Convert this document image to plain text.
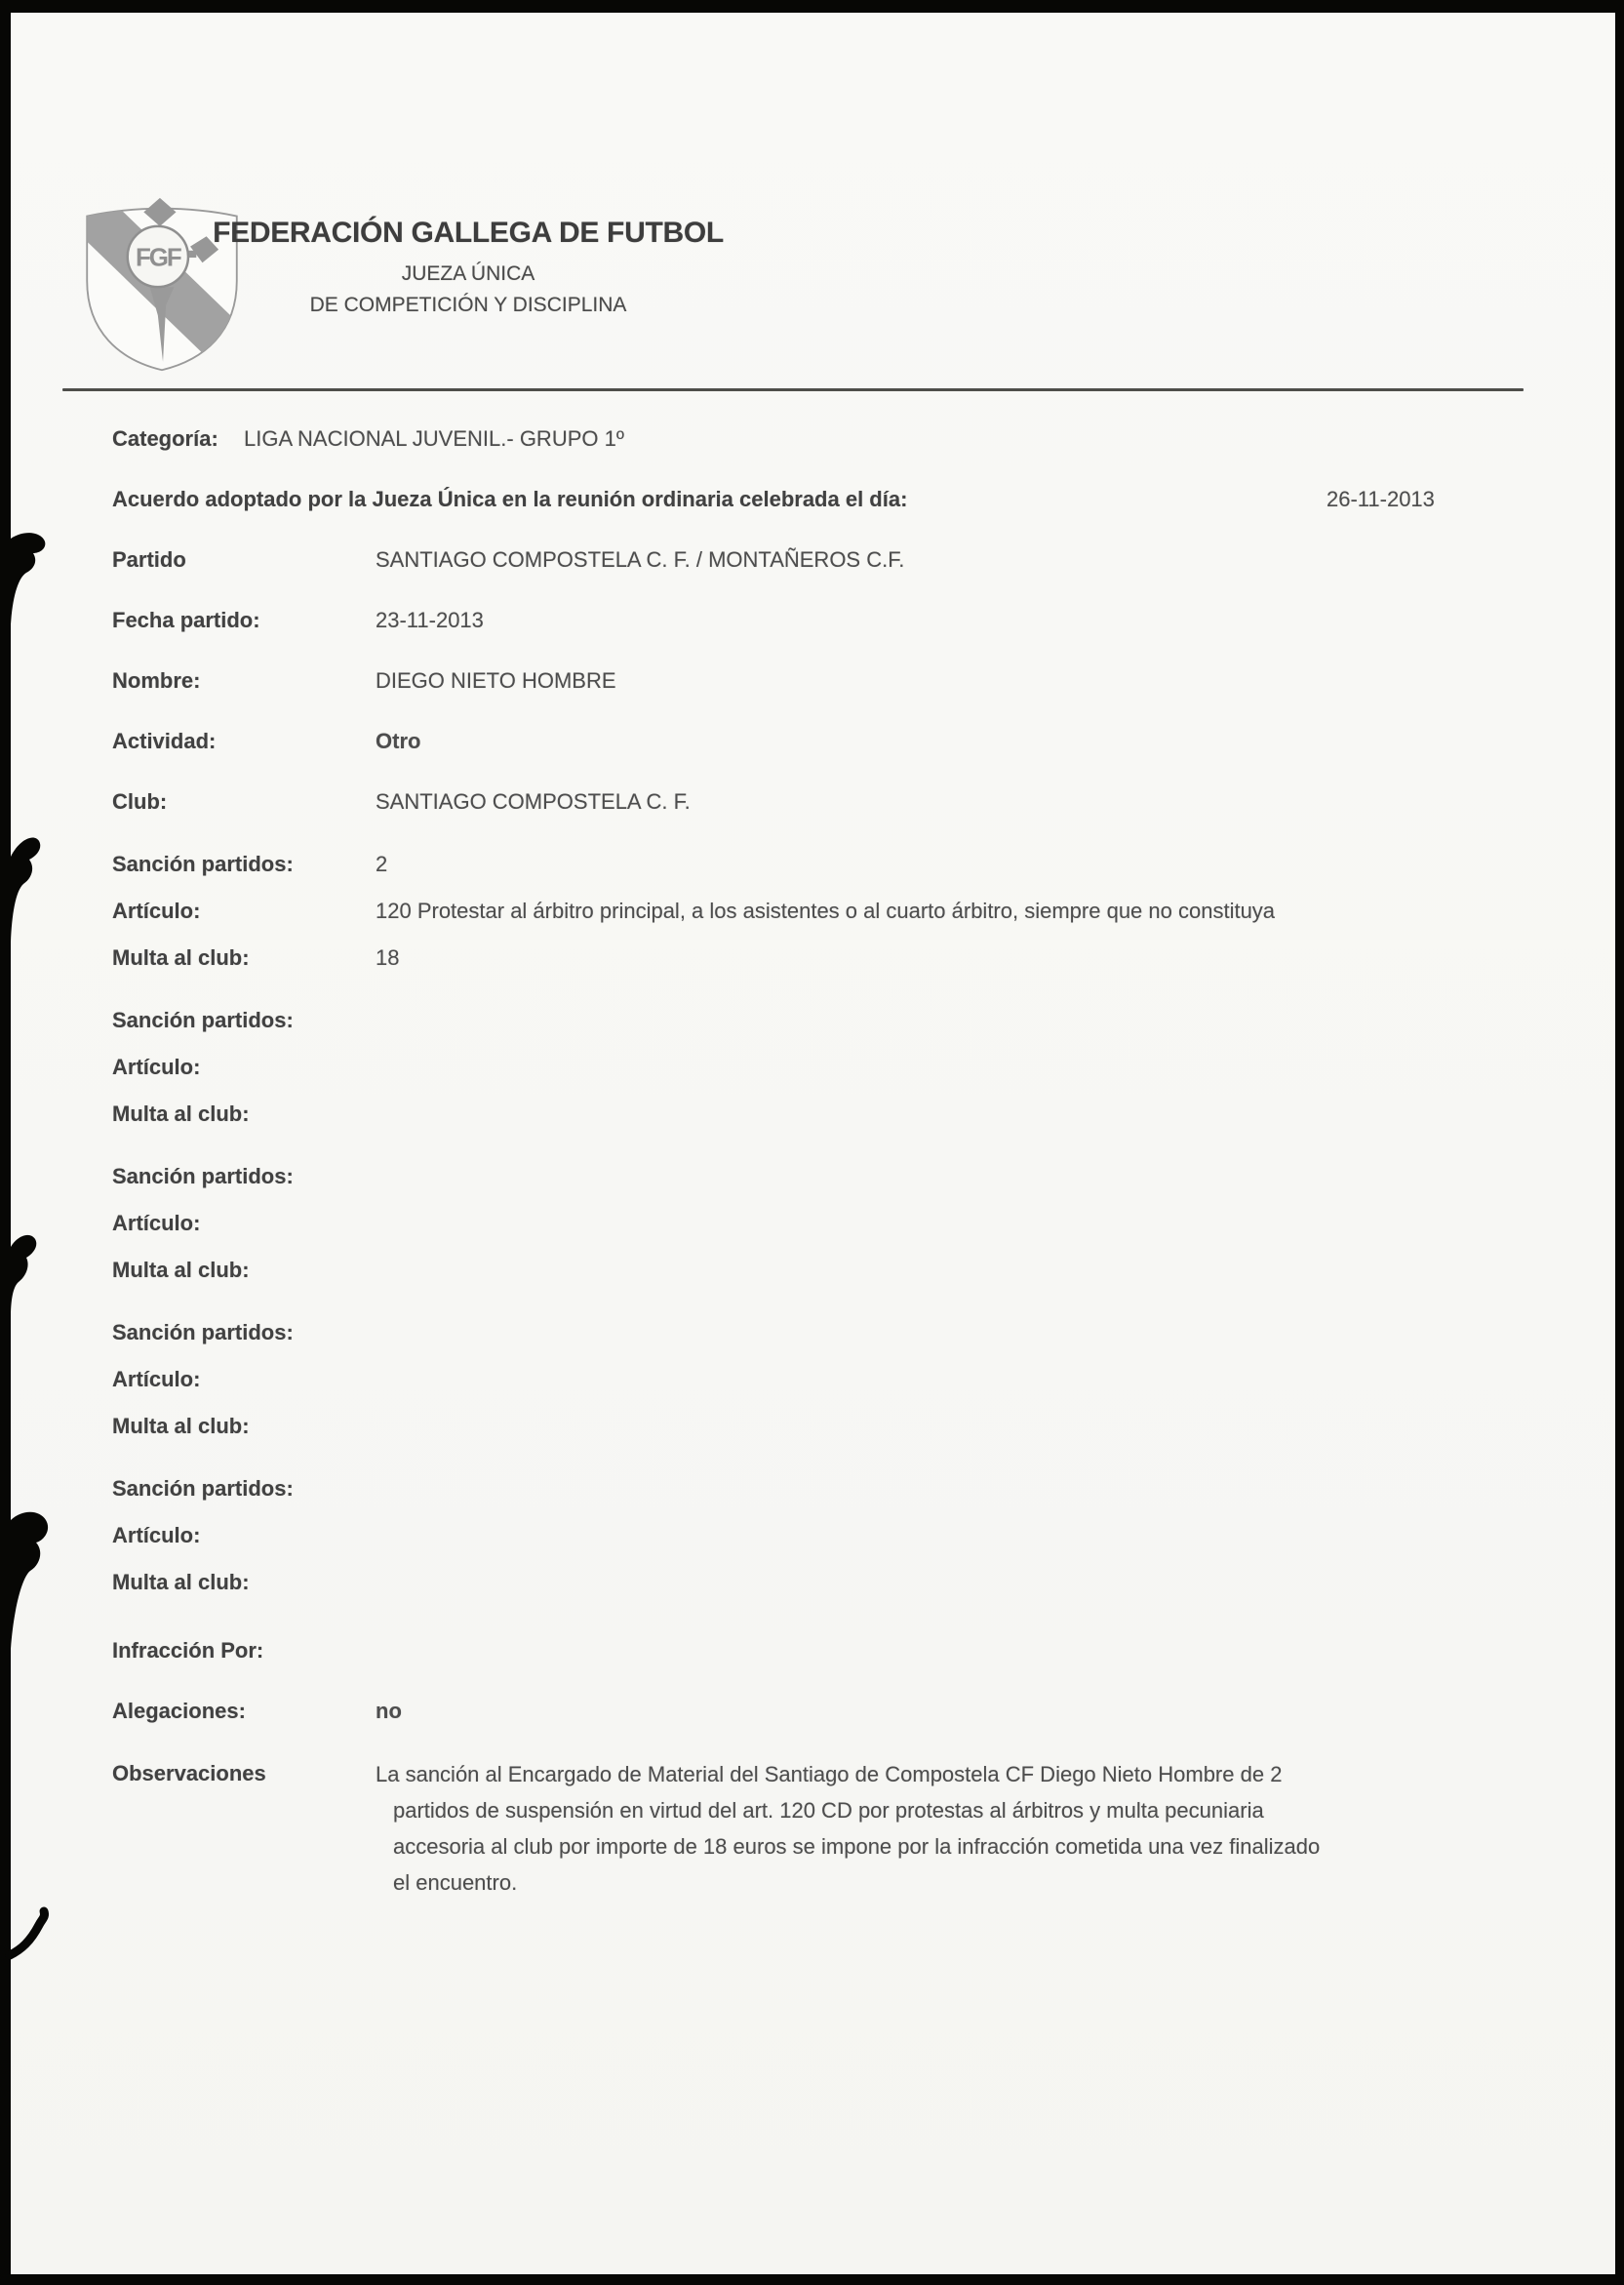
FGF
FEDERACIÓN GALLEGA DE FUTBOL
JUEZA ÚNICA
DE COMPETICIÓN Y DISCIPLINA
Categoría:	LIGA NACIONAL JUVENIL.- GRUPO 1º
Acuerdo adoptado por la Jueza Única en la reunión ordinaria celebrada el día:	26-11-2013
Partido	SANTIAGO COMPOSTELA C. F. / MONTAÑEROS C.F.
Fecha partido:	23-11-2013
Nombre:	DIEGO NIETO HOMBRE
Actividad:	Otro
Club:	SANTIAGO COMPOSTELA C. F.
Sanción partidos:	2
Artículo:	120 Protestar al árbitro principal, a los asistentes o al cuarto árbitro, siempre que no constituya
Multa al club:	18
Sanción partidos:
Artículo:
Multa al club:
Sanción partidos:
Artículo:
Multa al club:
Sanción partidos:
Artículo:
Multa al club:
Sanción partidos:
Artículo:
Multa al club:
Infracción Por:
Alegaciones:	no
Observaciones	La sanción al Encargado de Material del Santiago de Compostela CF Diego Nieto Hombre de 2
partidos de suspensión en virtud del art. 120 CD por protestas al árbitros y multa pecuniaria
accesoria al club por importe de 18 euros se impone por la infracción cometida una vez finalizado
el encuentro.
